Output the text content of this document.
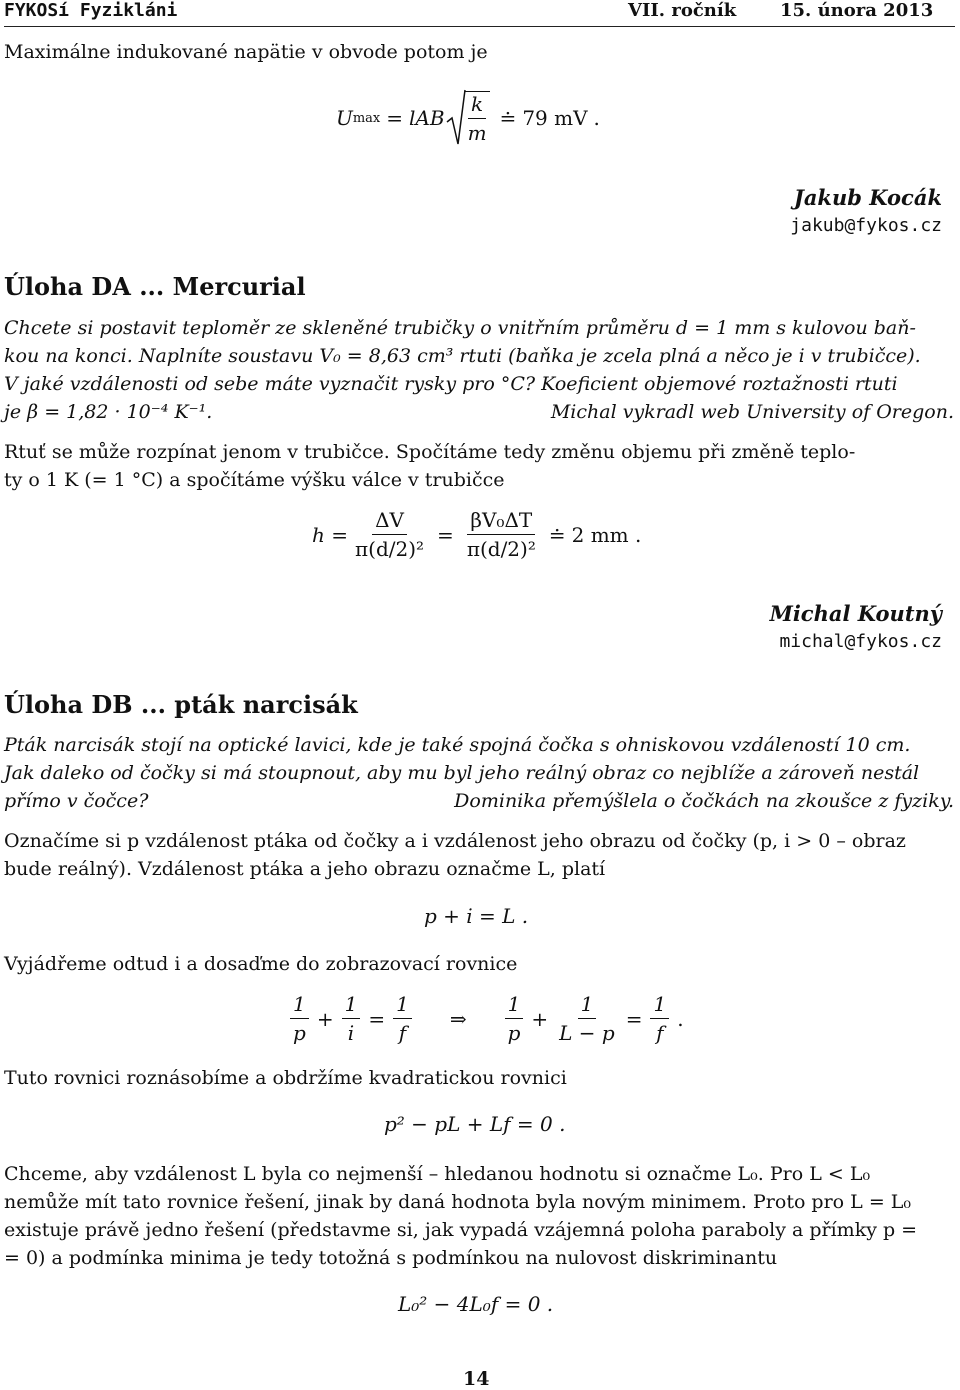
FYKOSí Fyzikláni	VII. ročník 15. února 2013
Maximálne indukované napätie v obvode potom je
U max = lAB $\frac{k}{m}$ ≐ 79 mV .
Jakub Kocák
jakub@fykos.cz
Úloha DA ... Mercurial
Chcete si postavit teploměr ze skleněné trubičky o vnitřním průměru d = 1 mm s kulovou baň-
kou na konci. Naplníte soustavu V₀ = 8,63 cm³ rtuti (baňka je zcela plná a něco je i v trubičce).
V jaké vzdálenosti od sebe máte vyznačit rysky pro °C? Koeficient objemové roztažnosti rtuti
je β = 1,82 · 10⁻⁴ K⁻¹.	Michal vykradl web University of Oregon.
Rtuť se může rozpínat jenom v trubičce. Spočítáme tedy změnu objemu při změně teplo-
ty o 1 K (= 1 °C) a spočítáme výšku válce v trubičce
$h = \frac{\Delta V}{\text{π(d/2)²}} = \frac{\text{βV₀ΔT}}{\text{π(d/2)²}}$ ≐ 2 mm .
Michal Koutný
michal@fykos.cz
Úloha DB ... pták narcisák
Pták narcisák stojí na optické lavici, kde je také spojná čočka s ohniskovou vzdáleností 10 cm.
Jak daleko od čočky si má stoupnout, aby mu byl jeho reálný obraz co nejblíže a zároveň nestál
přímo v čočce?	Dominika přemýšlela o čočkách na zkoušce z fyziky.
Označíme si p vzdálenost ptáka od čočky a i vzdálenost jeho obrazu od čočky (p, i > 0 – obraz
bude reálný). Vzdálenost ptáka a jeho obrazu označme L, platí
p + i = L .
Vyjádřeme odtud i a dosaďme do zobrazovací rovnice
$\frac{1}{p} + \frac{1}{i} = \frac{1}{f}$ ⇒ $\frac{1}{p} + \frac{1}{L - p} = \frac{1}{f}$ .
Tuto rovnici roznásobíme a obdržíme kvadratickou rovnici
p² − pL + Lf = 0 .
Chceme, aby vzdálenost L byla co nejmenší – hledanou hodnotu si označme L₀. Pro L < L₀
nemůže mít tato rovnice řešení, jinak by daná hodnota byla novým minimem. Proto pro L = L₀
existuje právě jedno řešení (představme si, jak vypadá vzájemná poloha paraboly a přímky p =
= 0) a podmínka minima je tedy totožná s podmínkou na nulovost diskriminantu
L₀² − 4L₀f = 0 .
14
